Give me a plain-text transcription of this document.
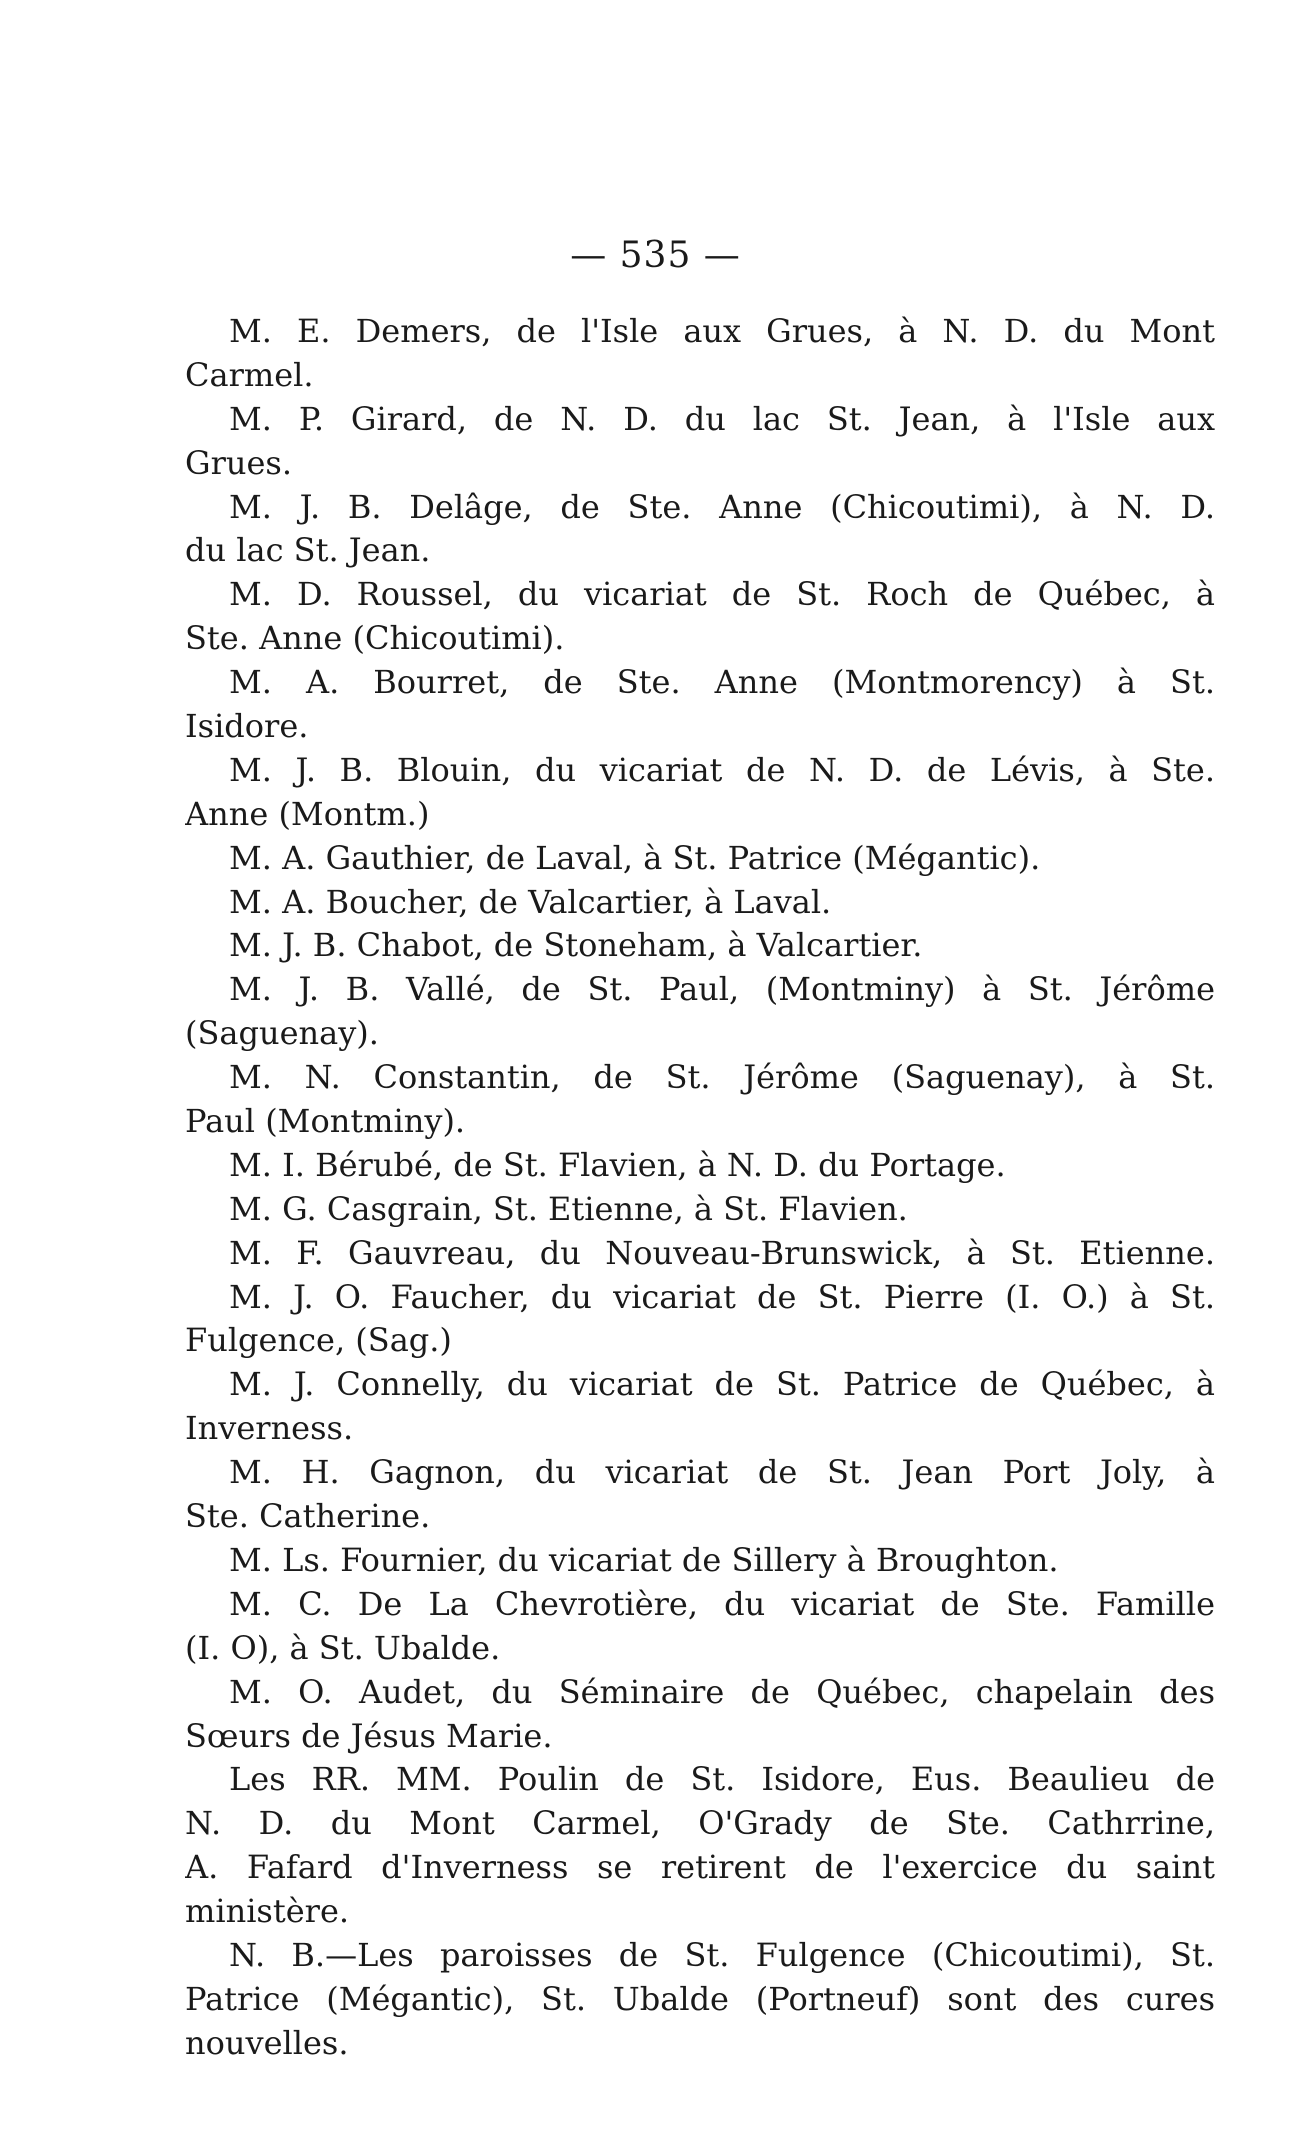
— 535 —
M. E. Demers, de l'Isle aux Grues, à N. D. du Mont
Carmel.
M. P. Girard, de N. D. du lac St. Jean, à l'Isle aux
Grues.
M. J. B. Delâge, de Ste. Anne (Chicoutimi), à N. D.
du lac St. Jean.
M. D. Roussel, du vicariat de St. Roch de Québec, à
Ste. Anne (Chicoutimi).
M. A. Bourret, de Ste. Anne (Montmorency) à St.
Isidore.
M. J. B. Blouin, du vicariat de N. D. de Lévis, à Ste.
Anne (Montm.)
M. A. Gauthier, de Laval, à St. Patrice (Mégantic).
M. A. Boucher, de Valcartier, à Laval.
M. J. B. Chabot, de Stoneham, à Valcartier.
M. J. B. Vallé, de St. Paul, (Montminy) à St. Jérôme
(Saguenay).
M. N. Constantin, de St. Jérôme (Saguenay), à St.
Paul (Montminy).
M. I. Bérubé, de St. Flavien, à N. D. du Portage.
M. G. Casgrain, St. Etienne, à St. Flavien.
M. F. Gauvreau, du Nouveau-Brunswick, à St. Etienne.
M. J. O. Faucher, du vicariat de St. Pierre (I. O.) à St.
Fulgence, (Sag.)
M. J. Connelly, du vicariat de St. Patrice de Québec, à
Inverness.
M. H. Gagnon, du vicariat de St. Jean Port Joly, à
Ste. Catherine.
M. Ls. Fournier, du vicariat de Sillery à Broughton.
M. C. De La Chevrotière, du vicariat de Ste. Famille
(I. O), à St. Ubalde.
M. O. Audet, du Séminaire de Québec, chapelain des
Sœurs de Jésus Marie.
Les RR. MM. Poulin de St. Isidore, Eus. Beaulieu de
N. D. du Mont Carmel, O'Grady de Ste. Cathrrine,
A. Fafard d'Inverness se retirent de l'exercice du saint
ministère.
N. B.—Les paroisses de St. Fulgence (Chicoutimi), St.
Patrice (Mégantic), St. Ubalde (Portneuf) sont des cures
nouvelles.
